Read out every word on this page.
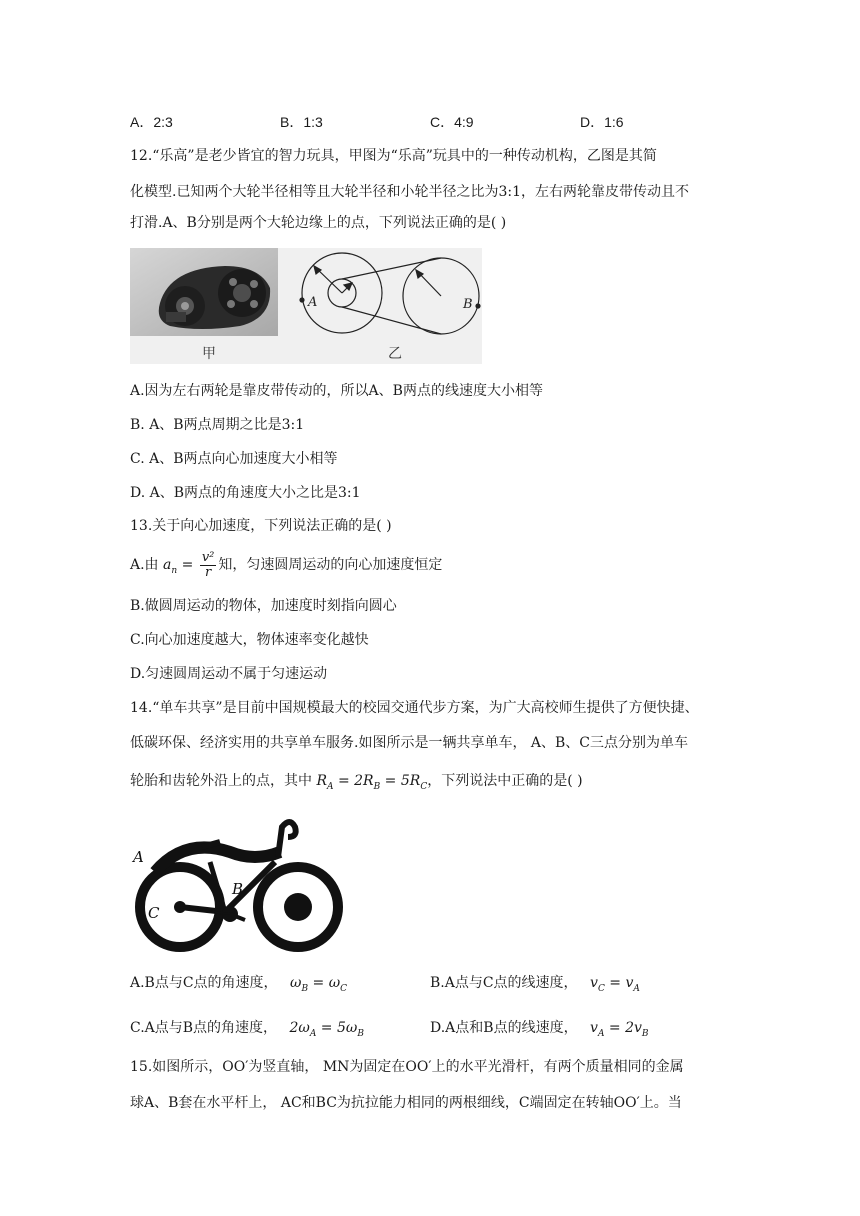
A．2:3	B．1:3	C．4:9	D．1:6
12.“乐高”是老少皆宜的智力玩具，甲图为“乐高”玩具中的一种传动机构，乙图是其简
化模型.已知两个大轮半径相等且大轮半径和小轮半径之比为3:1，左右两轮靠皮带传动且不
打滑.A、B分别是两个大轮边缘上的点，下列说法正确的是( )
A	B
甲	乙
A.因为左右两轮是靠皮带传动的，所以A、B两点的线速度大小相等
B. A、B两点周期之比是3:1
C. A、B两点向心加速度大小相等
D. A、B两点的角速度大小之比是3:1
13.关于向心加速度，下列说法正确的是( )
A.由 $a_n = \frac{\text{v²}}{r}$ 知，匀速圆周运动的向心加速度恒定
B.做圆周运动的物体，加速度时刻指向圆心
C.向心加速度越大，物体速率变化越快
D.匀速圆周运动不属于匀速运动
14.“单车共享”是目前中国规模最大的校园交通代步方案，为广大高校师生提供了方便快捷、
低碳环保、经济实用的共享单车服务.如图所示是一辆共享单车， A、B、C三点分别为单车
轮胎和齿轮外沿上的点，其中 $R_A = 2R_B = 5R_C$，下列说法中正确的是( )
A
B
C
A.B点与C点的角速度， $\omega_B = \omega_C$	B.A点与C点的线速度， $v_C = v_A$
C.A点与B点的角速度， $2\omega_A = 5\omega_B$	D.A点和B点的线速度， $v_A = 2v_B$
15.如图所示，OO′为竖直轴， MN为固定在OO′上的水平光滑杆，有两个质量相同的金属
球A、B套在水平杆上， AC和BC为抗拉能力相同的两根细线，C端固定在转轴OO′上。当
